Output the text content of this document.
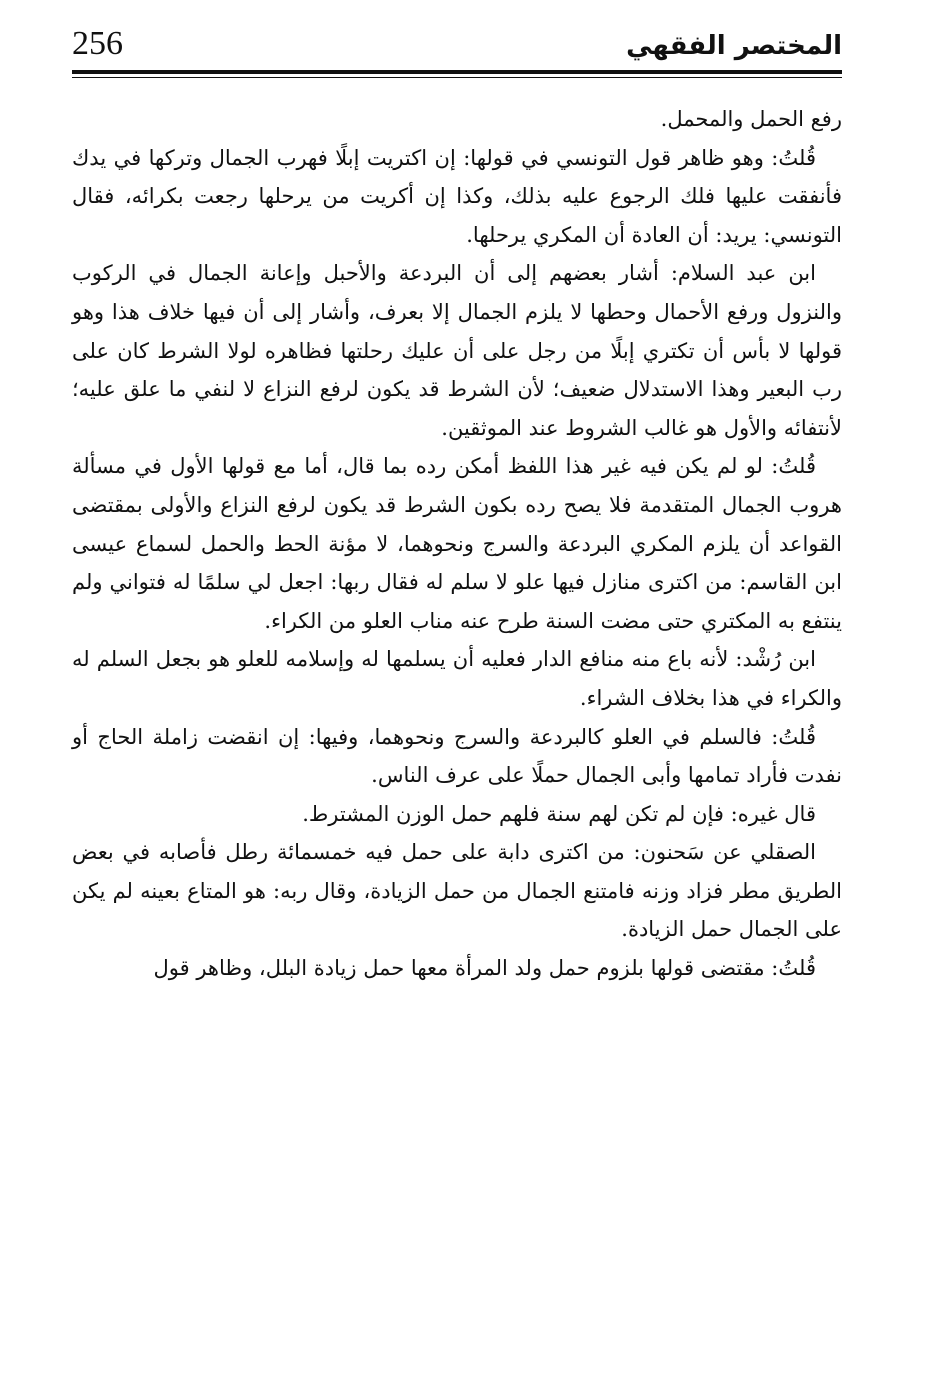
256	المختصر الفقهي

رفع الحمل والمحمل.

قُلتُ: وهو ظاهر قول التونسي في قولها: إن اكتريت إبلًا فهرب الجمال وتركها في يدك فأنفقت عليها فلك الرجوع عليه بذلك، وكذا إن أكريت من يرحلها رجعت بكرائه، فقال التونسي: يريد: أن العادة أن المكري يرحلها.

ابن عبد السلام: أشار بعضهم إلى أن البردعة والأحبل وإعانة الجمال في الركوب والنزول ورفع الأحمال وحطها لا يلزم الجمال إلا بعرف، وأشار إلى أن فيها خلاف هذا وهو قولها لا بأس أن تكتري إبلًا من رجل على أن عليك رحلتها فظاهره لولا الشرط كان على رب البعير وهذا الاستدلال ضعيف؛ لأن الشرط قد يكون لرفع النزاع لا لنفي ما علق عليه؛ لأنتفائه والأول هو غالب الشروط عند الموثقين.

قُلتُ: لو لم يكن فيه غير هذا اللفظ أمكن رده بما قال، أما مع قولها الأول في مسألة هروب الجمال المتقدمة فلا يصح رده بكون الشرط قد يكون لرفع النزاع والأولى بمقتضى القواعد أن يلزم المكري البردعة والسرج ونحوهما، لا مؤنة الحط والحمل لسماع عيسى ابن القاسم: من اكترى منازل فيها علو لا سلم له فقال ربها: اجعل لي سلمًا له فتواني ولم ينتفع به المكتري حتى مضت السنة طرح عنه مناب العلو من الكراء.

ابن رُشْد: لأنه باع منه منافع الدار فعليه أن يسلمها له وإسلامه للعلو هو بجعل السلم له والكراء في هذا بخلاف الشراء.

قُلتُ: فالسلم في العلو كالبردعة والسرج ونحوهما، وفيها: إن انقضت زاملة الحاج أو نفدت فأراد تمامها وأبى الجمال حملًا على عرف الناس.

قال غيره: فإن لم تكن لهم سنة فلهم حمل الوزن المشترط.

الصقلي عن سَحنون: من اكترى دابة على حمل فيه خمسمائة رطل فأصابه في بعض الطريق مطر فزاد وزنه فامتنع الجمال من حمل الزيادة، وقال ربه: هو المتاع بعينه لم يكن على الجمال حمل الزيادة.

قُلتُ: مقتضى قولها بلزوم حمل ولد المرأة معها حمل زيادة البلل، وظاهر قول
